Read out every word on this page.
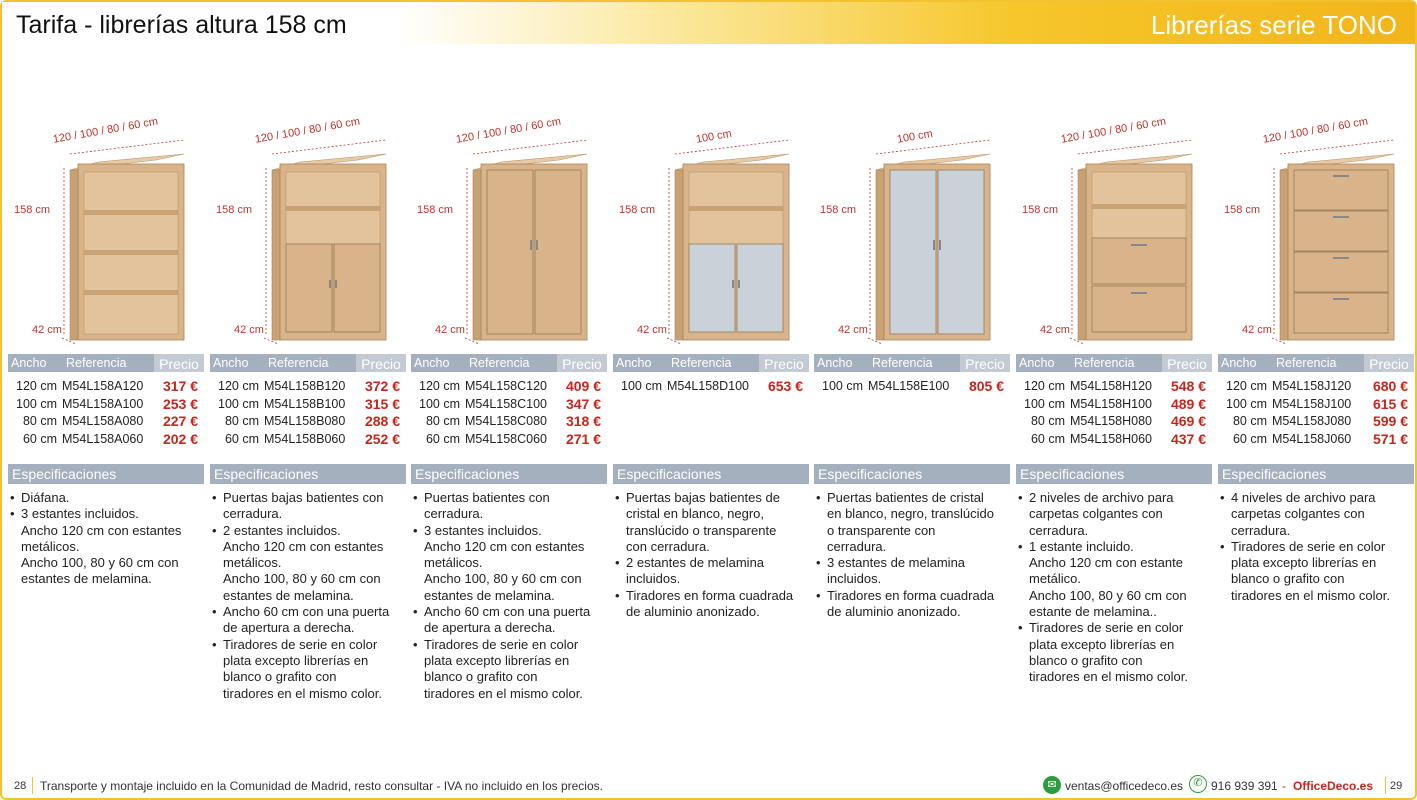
Tarifa - librerías altura 158 cm	Librerías serie TONO
120 / 100 / 80 / 60 cm
158 cm
42 cm
Ancho Referencia	Precio
120 cm M54L158A120 317 €
100 cm M54L158A100 253 €
80 cm M54L158A080 227 €
60 cm M54L158A060 202 €
Especificaciones
• Diáfana.
• 3 estantes incluidos.
Ancho 120 cm con estantes
metálicos.
Ancho 100, 80 y 60 cm con
estantes de melamina.
120 / 100 / 80 / 60 cm
158 cm
42 cm
Ancho Referencia	Precio
120 cm M54L158B120 372 €
100 cm M54L158B100 315 €
80 cm M54L158B080 288 €
60 cm M54L158B060 252 €
Especificaciones
• Puertas bajas batientes con
cerradura.
• 2 estantes incluidos.
Ancho 120 cm con estantes
metálicos.
Ancho 100, 80 y 60 cm con
estantes de melamina.
• Ancho 60 cm con una puerta
de apertura a derecha.
• Tiradores de serie en color
plata excepto librerías en
blanco o grafito con
tiradores en el mismo color.
120 / 100 / 80 / 60 cm
158 cm
42 cm
Ancho Referencia	Precio
120 cm M54L158C120 409 €
100 cm M54L158C100 347 €
80 cm M54L158C080 318 €
60 cm M54L158C060 271 €
Especificaciones
• Puertas batientes con
cerradura.
• 3 estantes incluidos.
Ancho 120 cm con estantes
metálicos.
Ancho 100, 80 y 60 cm con
estantes de melamina.
• Ancho 60 cm con una puerta
de apertura a derecha.
• Tiradores de serie en color
plata excepto librerías en
blanco o grafito con
tiradores en el mismo color.
100 cm
158 cm
42 cm
Ancho Referencia	Precio
100 cm M54L158D100 653 €
Especificaciones
• Puertas bajas batientes de
cristal en blanco, negro,
translúcido o transparente
con cerradura.
• 2 estantes de melamina
incluidos.
• Tiradores en forma cuadrada
de aluminio anonizado.
100 cm
158 cm
42 cm
Ancho Referencia	Precio
100 cm M54L158E100 805 €
Especificaciones
• Puertas batientes de cristal
en blanco, negro, translúcido
o transparente con
cerradura.
• 3 estantes de melamina
incluidos.
• Tiradores en forma cuadrada
de aluminio anonizado.
120 / 100 / 80 / 60 cm
158 cm
42 cm
Ancho Referencia	Precio
120 cm M54L158H120 548 €
100 cm M54L158H100 489 €
80 cm M54L158H080 469 €
60 cm M54L158H060 437 €
Especificaciones
• 2 niveles de archivo para
carpetas colgantes con
cerradura.
• 1 estante incluido.
Ancho 120 cm con estante
metálico.
Ancho 100, 80 y 60 cm con
estante de melamina..
• Tiradores de serie en color
plata excepto librerías en
blanco o grafito con
tiradores en el mismo color.
120 / 100 / 80 / 60 cm
158 cm
42 cm
Ancho Referencia	Precio
120 cm M54L158J120 680 €
100 cm M54L158J100 615 €
80 cm M54L158J080 599 €
60 cm M54L158J060 571 €
Especificaciones
• 4 niveles de archivo para
carpetas colgantes con
cerradura.
• Tiradores de serie en color
plata excepto librerías en
blanco o grafito con
tiradores en el mismo color.
28 Transporte y montaje incluido en la Comunidad de Madrid, resto consultar - IVA no incluido en los precios.	✉ ventas@officedeco.es ✆ 916 939 391 - OfficeDeco.es 29
